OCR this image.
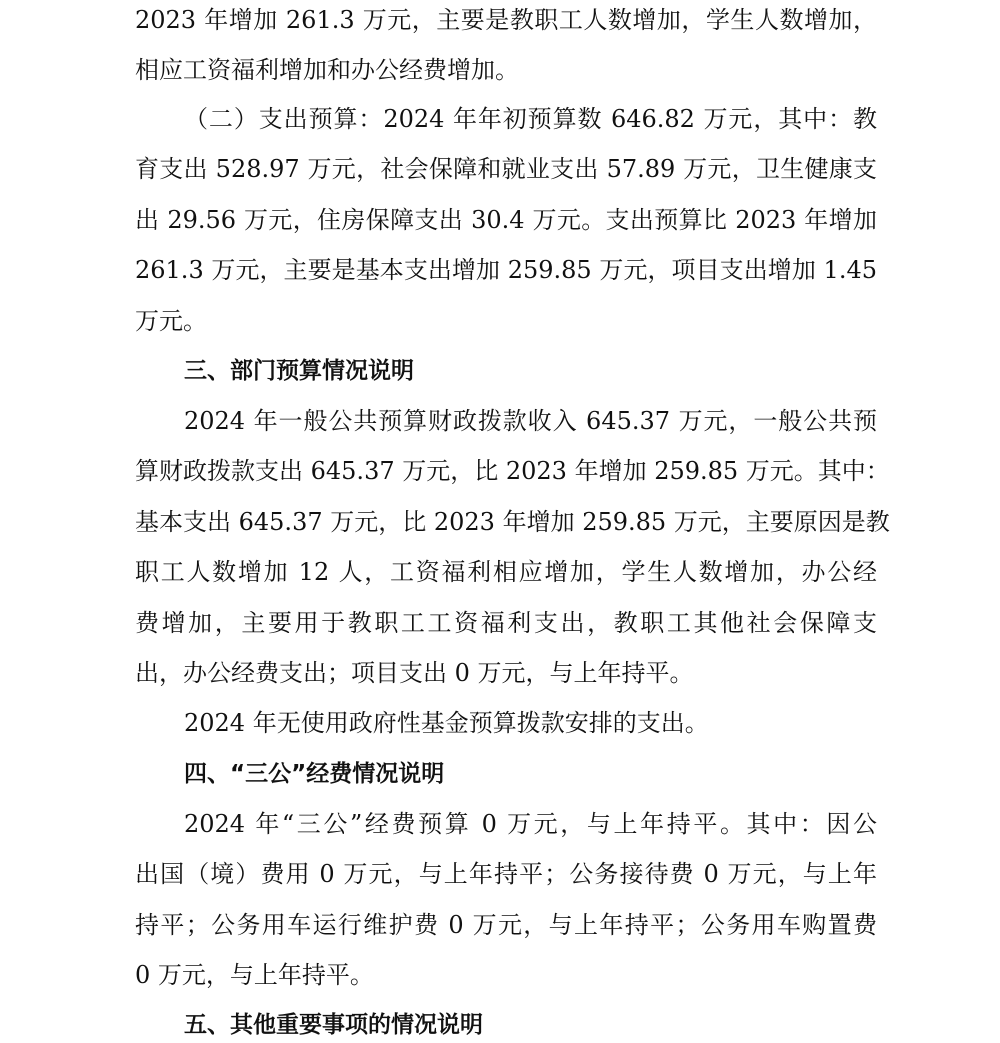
2023 年增加 261.3 万元，主要是教职工人数增加，学生人数增加，
相应工资福利增加和办公经费增加。
（二）支出预算：2024 年年初预算数 646.82 万元，其中：教
育支出 528.97 万元，社会保障和就业支出 57.89 万元，卫生健康支
出 29.56 万元，住房保障支出 30.4 万元。支出预算比 2023 年增加
261.3 万元，主要是基本支出增加 259.85 万元，项目支出增加 1.45
万元。
三、部门预算情况说明
2024 年一般公共预算财政拨款收入 645.37 万元，一般公共预
算财政拨款支出 645.37 万元，比 2023 年增加 259.85 万元。其中：
基本支出 645.37 万元，比 2023 年增加 259.85 万元，主要原因是教
职工人数增加 12 人，工资福利相应增加，学生人数增加，办公经
费增加，主要用于教职工工资福利支出，教职工其他社会保障支
出，办公经费支出；项目支出 0 万元，与上年持平。
2024 年无使用政府性基金预算拨款安排的支出。
四、“三公”经费情况说明
2024 年“三公”经费预算 0 万元，与上年持平。其中：因公
出国（境）费用 0 万元，与上年持平；公务接待费 0 万元，与上年
持平；公务用车运行维护费 0 万元，与上年持平；公务用车购置费
0 万元，与上年持平。
五、其他重要事项的情况说明
